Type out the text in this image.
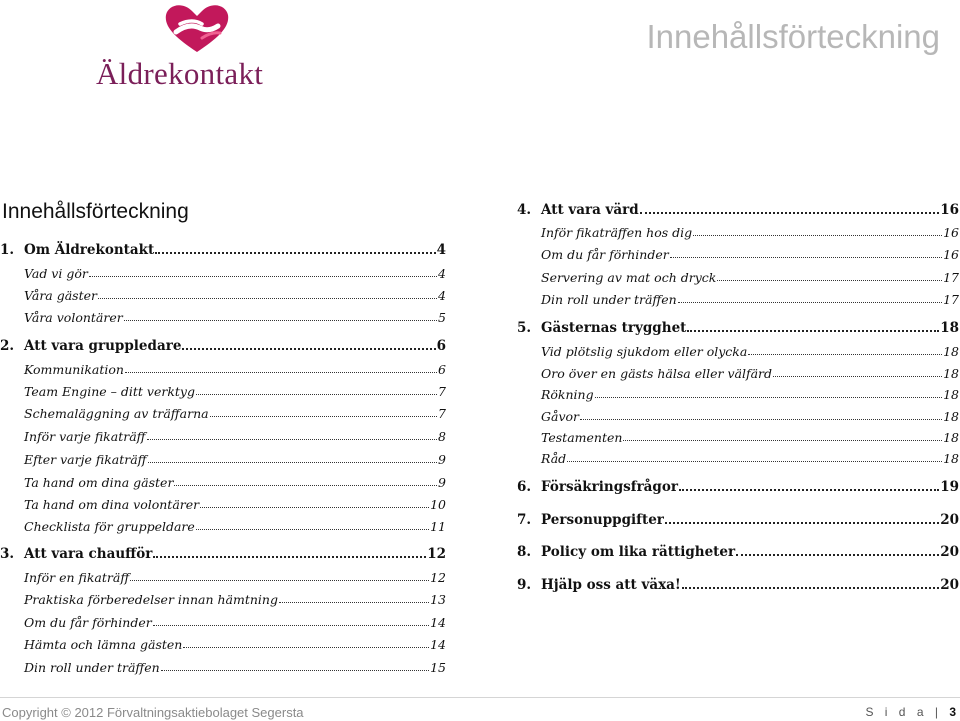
Äldrekontakt
Innehållsförteckning
Innehållsförteckning
1. Om Äldrekontakt	4
Vad vi gör	4
Våra gäster	4
Våra volontärer	5
2. Att vara gruppledare	6
Kommunikation	6
Team Engine – ditt verktyg	7
Schemaläggning av träffarna	7
Inför varje fikaträff	8
Efter varje fikaträff	9
Ta hand om dina gäster	9
Ta hand om dina volontärer	10
Checklista för gruppeldare	11
3. Att vara chaufför	12
Inför en fikaträff	12
Praktiska förberedelser innan hämtning	13
Om du får förhinder	14
Hämta och lämna gästen	14
Din roll under träffen	15
4. Att vara värd	16
Inför fikaträffen hos dig	16
Om du får förhinder	16
Servering av mat och dryck	17
Din roll under träffen	17
5. Gästernas trygghet	18
Vid plötslig sjukdom eller olycka	18
Oro över en gästs hälsa eller välfärd	18
Rökning	18
Gåvor	18
Testamenten	18
Råd	18
6. Försäkringsfrågor	19
7. Personuppgifter	20
8. Policy om lika rättigheter	20
9. Hjälp oss att växa!	20
Copyright © 2012 Förvaltningsaktiebolaget Segersta	S i d a | 3
